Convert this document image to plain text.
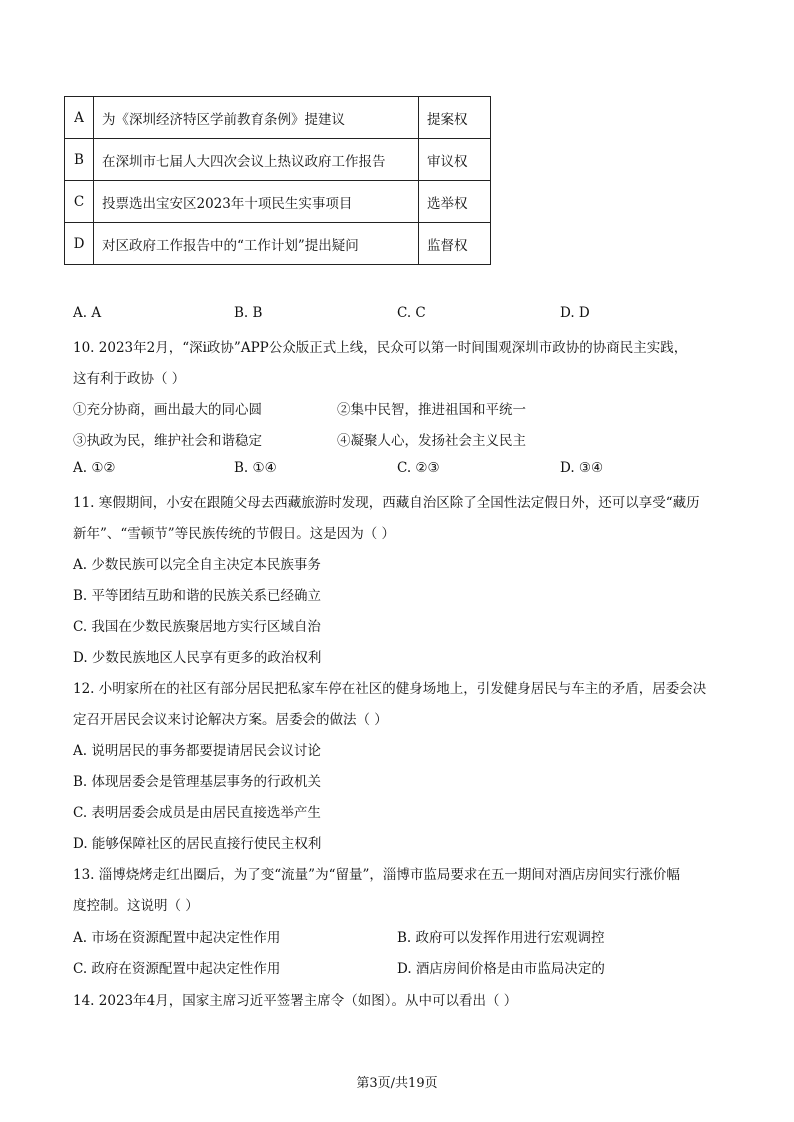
A	为《深圳经济特区学前教育条例》提建议	提案权
B	在深圳市七届人大四次会议上热议政府工作报告	审议权
C	投票选出宝安区2023年十项民生实事项目	选举权
D	对区政府工作报告中的“工作计划”提出疑问	监督权
A. A	B. B	C. C	D. D
10. 2023年2月，“深i政协”APP公众版正式上线，民众可以第一时间围观深圳市政协的协商民主实践，
这有利于政协（ ）
①充分协商，画出最大的同心圆	②集中民智，推进祖国和平统一
③执政为民，维护社会和谐稳定	④凝聚人心，发扬社会主义民主
A. ①②	B. ①④	C. ②③	D. ③④
11. 寒假期间，小安在跟随父母去西藏旅游时发现，西藏自治区除了全国性法定假日外，还可以享受“藏历
新年”、“雪顿节”等民族传统的节假日。这是因为（ ）
A. 少数民族可以完全自主决定本民族事务
B. 平等团结互助和谐的民族关系已经确立
C. 我国在少数民族聚居地方实行区域自治
D. 少数民族地区人民享有更多的政治权利
12. 小明家所在的社区有部分居民把私家车停在社区的健身场地上，引发健身居民与车主的矛盾，居委会决
定召开居民会议来讨论解决方案。居委会的做法（ ）
A. 说明居民的事务都要提请居民会议讨论
B. 体现居委会是管理基层事务的行政机关
C. 表明居委会成员是由居民直接选举产生
D. 能够保障社区的居民直接行使民主权利
13. 淄博烧烤走红出圈后，为了变“流量”为“留量”，淄博市监局要求在五一期间对酒店房间实行涨价幅
度控制。这说明（ ）
A. 市场在资源配置中起决定性作用	B. 政府可以发挥作用进行宏观调控
C. 政府在资源配置中起决定性作用	D. 酒店房间价格是由市监局决定的
14. 2023年4月，国家主席习近平签署主席令（如图）。从中可以看出（ ）
第3页/共19页
